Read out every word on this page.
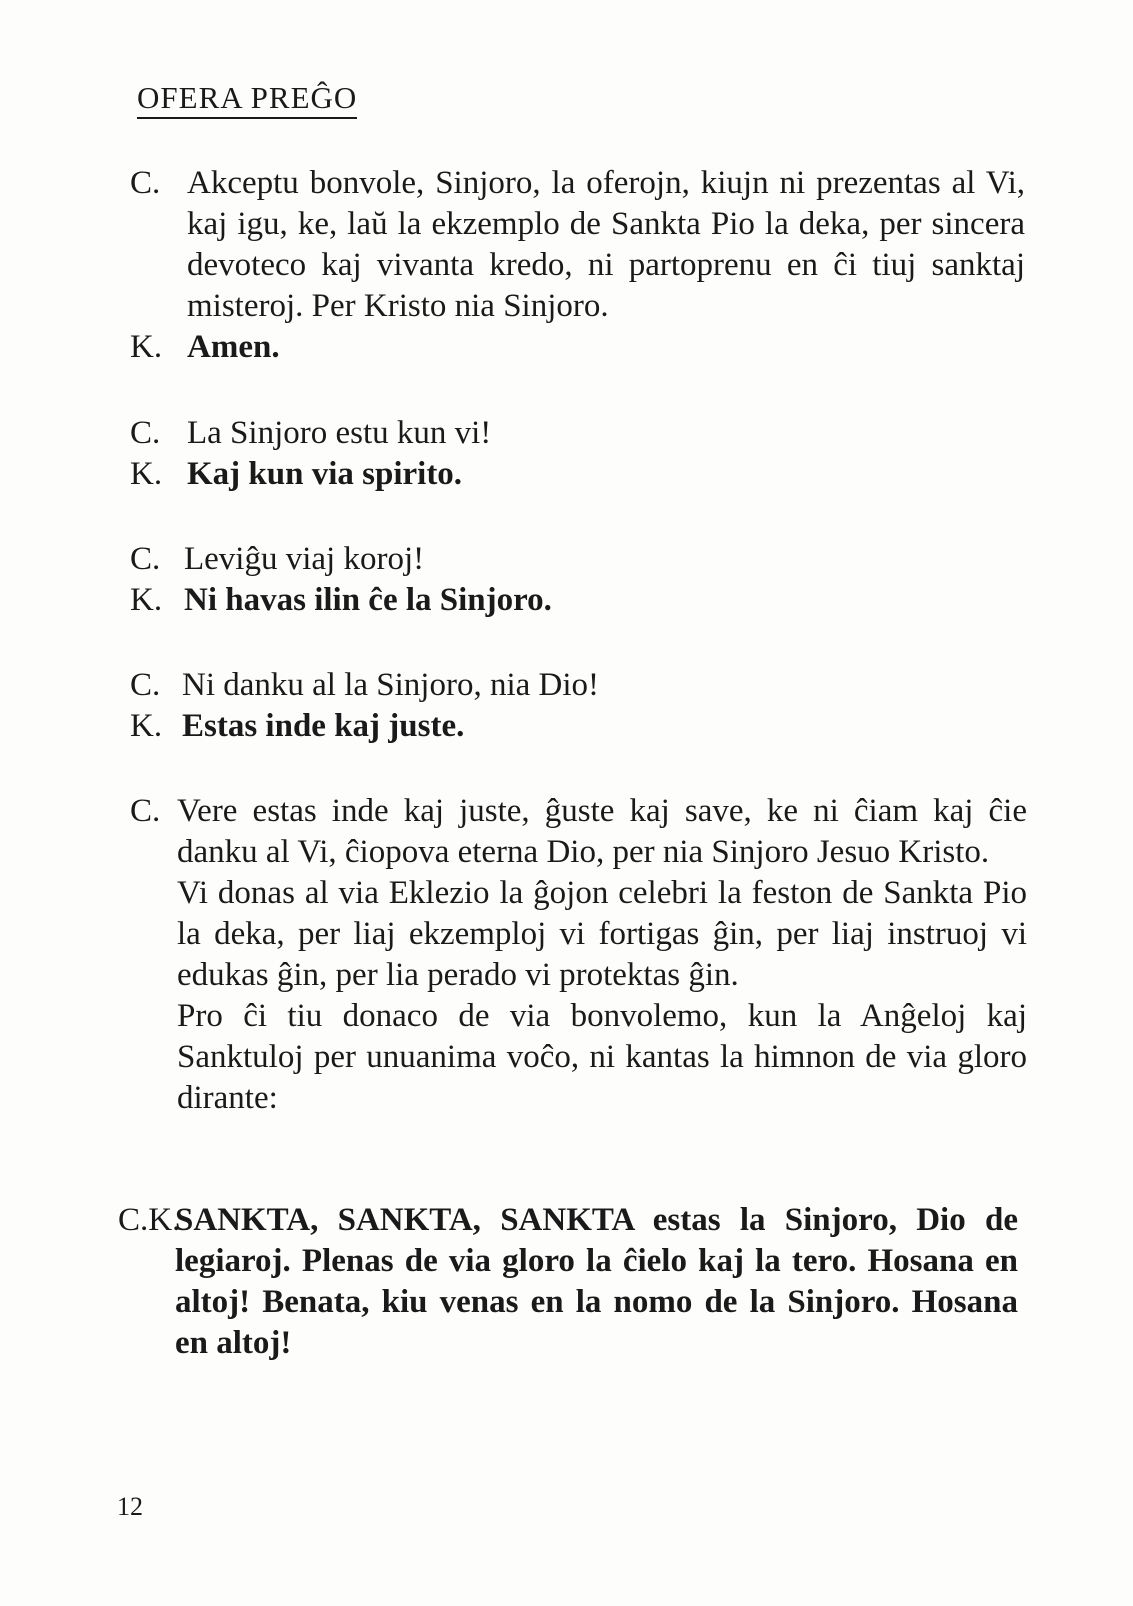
OFERA PREĜO
C. Akceptu bonvole, Sinjoro, la oferojn, kiujn ni prezentas al Vi, kaj igu, ke, laŭ la ekzemplo de Sankta Pio la deka, per sincera devoteco kaj vivanta kredo, ni partoprenu en ĉi tiuj sanktaj misteroj. Per Kristo nia Sinjoro.

K. Amen.
C. La Sinjoro estu kun vi!
K. Kaj kun via spirito.
C. Leviĝu viaj koroj!
K. Ni havas ilin ĉe la Sinjoro.
C. Ni danku al la Sinjoro, nia Dio!
K. Estas inde kaj juste.
C. Vere estas inde kaj juste, ĝuste kaj save, ke ni ĉiam kaj ĉie danku al Vi, ĉiopova eterna Dio, per nia Sinjoro Jesuo Kristo.

Vi donas al via Eklezio la ĝojon celebri la feston de Sankta Pio la deka, per liaj ekzemploj vi fortigas ĝin, per liaj instruoj vi edukas ĝin, per lia perado vi protektas ĝin.

Pro ĉi tiu donaco de via bonvolemo, kun la Anĝeloj kaj Sanktuloj per unuanima voĉo, ni kantas la himnon de via gloro dirante:

C.K.
SANKTA, SANKTA, SANKTA estas la Sinjoro, Dio de legiaroj. Plenas de via gloro la ĉielo kaj la tero. Hosana en altoj! Benata, kiu venas en la nomo de la Sinjoro. Hosana en altoj!
12
